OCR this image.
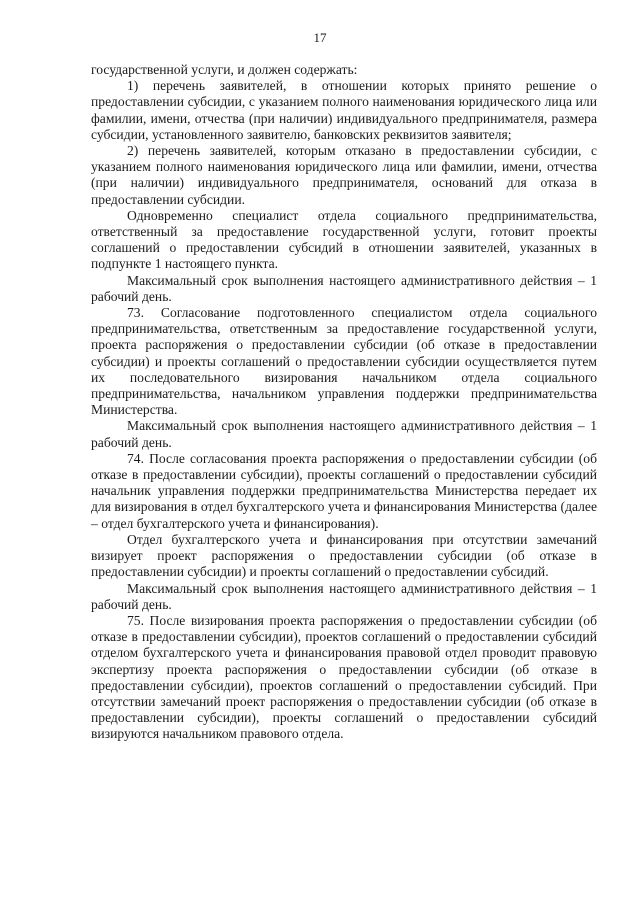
17

государственной услуги, и должен содержать:

1) перечень заявителей, в отношении которых принято решение о предоставлении субсидии, с указанием полного наименования юридического лица или фамилии, имени, отчества (при наличии) индивидуального предпринимателя, размера субсидии, установленного заявителю, банковских реквизитов заявителя;

2) перечень заявителей, которым отказано в предоставлении субсидии, с указанием полного наименования юридического лица или фамилии, имени, отчества (при наличии) индивидуального предпринимателя, оснований для отказа в предоставлении субсидии.

Одновременно специалист отдела социального предпринимательства, ответственный за предоставление государственной услуги, готовит проекты соглашений о предоставлении субсидий в отношении заявителей, указанных в подпункте 1 настоящего пункта.

Максимальный срок выполнения настоящего административного действия – 1 рабочий день.

73. Согласование подготовленного специалистом отдела социального предпринимательства, ответственным за предоставление государственной услуги, проекта распоряжения о предоставлении субсидии (об отказе в предоставлении субсидии) и проекты соглашений о предоставлении субсидии осуществляется путем их последовательного визирования начальником отдела социального предпринимательства, начальником управления поддержки предпринимательства Министерства.

Максимальный срок выполнения настоящего административного действия – 1 рабочий день.

74. После согласования проекта распоряжения о предоставлении субсидии (об отказе в предоставлении субсидии), проекты соглашений о предоставлении субсидий начальник управления поддержки предпринимательства Министерства передает их для визирования в отдел бухгалтерского учета и финансирования Министерства (далее – отдел бухгалтерского учета и финансирования).

Отдел бухгалтерского учета и финансирования при отсутствии замечаний визирует проект распоряжения о предоставлении субсидии (об отказе в предоставлении субсидии) и проекты соглашений о предоставлении субсидий.

Максимальный срок выполнения настоящего административного действия – 1 рабочий день.

75. После визирования проекта распоряжения о предоставлении субсидии (об отказе в предоставлении субсидии), проектов соглашений о предоставлении субсидий отделом бухгалтерского учета и финансирования правовой отдел проводит правовую экспертизу проекта распоряжения о предоставлении субсидии (об отказе в предоставлении субсидии), проектов соглашений о предоставлении субсидий. При отсутствии замечаний проект распоряжения о предоставлении субсидии (об отказе в предоставлении субсидии), проекты соглашений о предоставлении субсидий визируются начальником правового отдела.
